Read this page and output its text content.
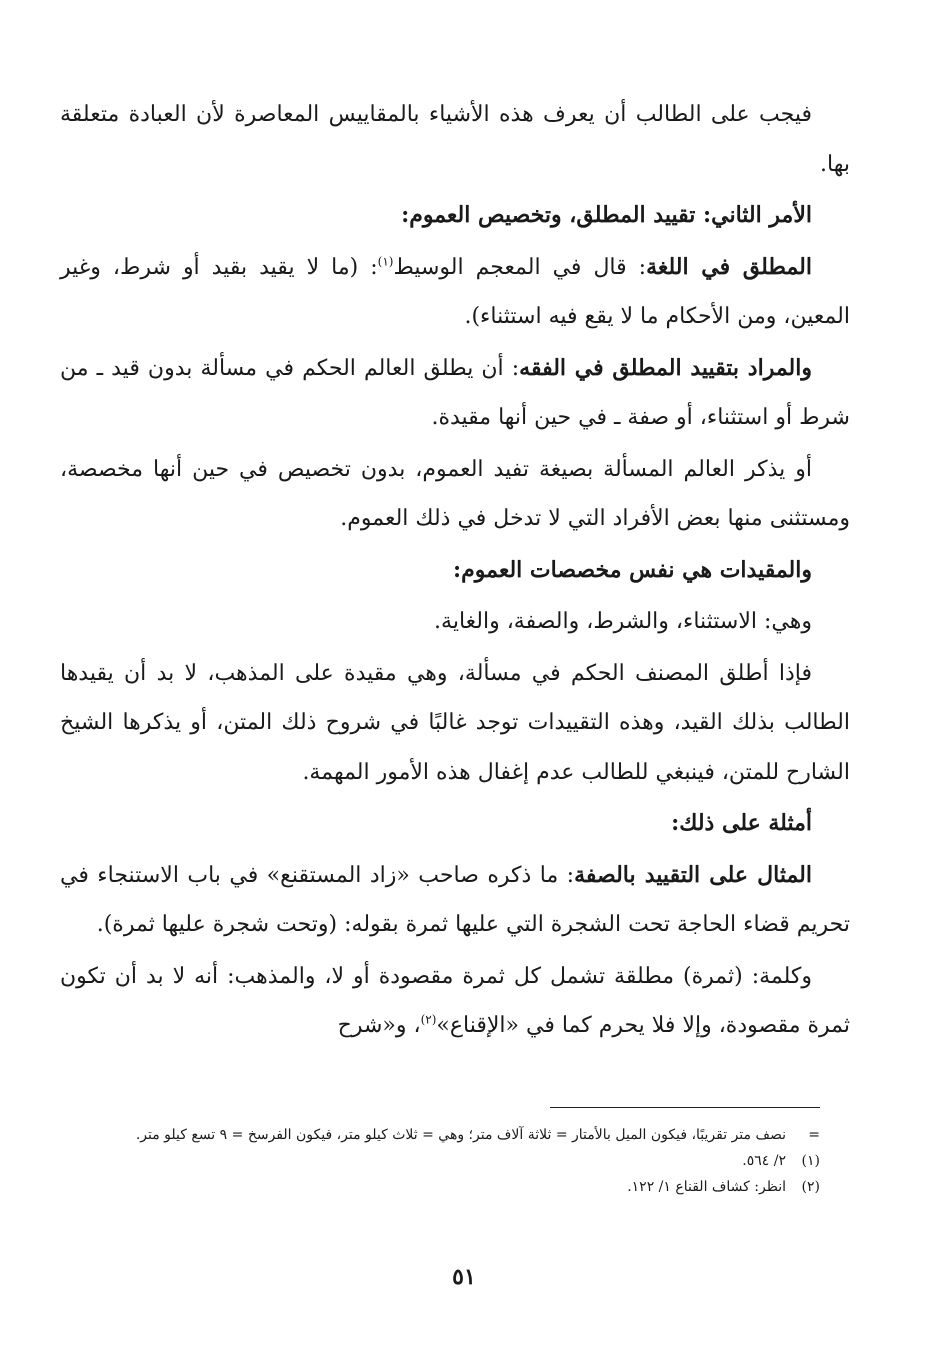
فيجب على الطالب أن يعرف هذه الأشياء بالمقاييس المعاصرة لأن العبادة متعلقة بها.

الأمر الثاني: تقييد المطلق، وتخصيص العموم:

المطلق في اللغة: قال في المعجم الوسيط$^{(١)}$: (ما لا يقيد بقيد أو شرط، وغير المعين، ومن الأحكام ما لا يقع فيه استثناء).

والمراد بتقييد المطلق في الفقه: أن يطلق العالم الحكم في مسألة بدون قيد ـ من شرط أو استثناء، أو صفة ـ في حين أنها مقيدة.

أو يذكر العالم المسألة بصيغة تفيد العموم، بدون تخصيص في حين أنها مخصصة، ومستثنى منها بعض الأفراد التي لا تدخل في ذلك العموم.

والمقيدات هي نفس مخصصات العموم:

وهي: الاستثناء، والشرط، والصفة، والغاية.

فإذا أطلق المصنف الحكم في مسألة، وهي مقيدة على المذهب، لا بد أن يقيدها الطالب بذلك القيد، وهذه التقييدات توجد غالبًا في شروح ذلك المتن، أو يذكرها الشيخ الشارح للمتن، فينبغي للطالب عدم إغفال هذه الأمور المهمة.

أمثلة على ذلك:

المثال على التقييد بالصفة: ما ذكره صاحب «زاد المستقنع» في باب الاستنجاء في تحريم قضاء الحاجة تحت الشجرة التي عليها ثمرة بقوله: (وتحت شجرة عليها ثمرة).

وكلمة: (ثمرة) مطلقة تشمل كل ثمرة مقصودة أو لا، والمذهب: أنه لا بد أن تكون ثمرة مقصودة، وإلا فلا يحرم كما في «الإقناع»$^{(٢)}$، و«شرح

=
نصف متر تقريبًا، فيكون الميل بالأمتار = ثلاثة آلاف متر؛ وهي = ثلاث كيلو متر، فيكون الفرسخ = ٩ تسع كيلو متر.
(١)
٢/ ٥٦٤.
(٢)
انظر: كشاف القناع ١/ ١٢٢.
٥١
